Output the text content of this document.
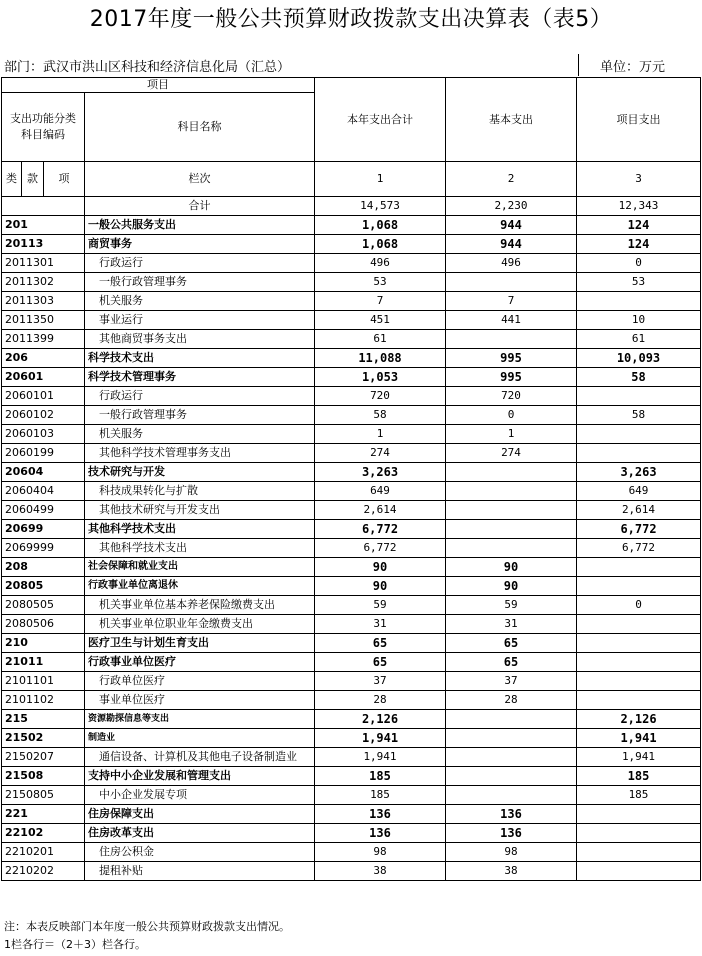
2017年度一般公共预算财政拨款支出决算表（表5）
部门：武汉市洪山区科技和经济信息化局（汇总）	单位：万元
项目				本年支出合计	基本支出	项目支出
支出功能分类科目编码			科目名称			
类	款	项				

			栏次	1	2	3
			合计	14,573	2,230	12,343
201			一般公共服务支出	1,068	944	124
20113			商贸事务	1,068	944	124
2011301			行政运行	496	496	0
2011302			一般行政管理事务	53		53
2011303			机关服务	7	7	
2011350			事业运行	451	441	10
2011399			其他商贸事务支出	61		61
206			科学技术支出	11,088	995	10,093
20601			科学技术管理事务	1,053	995	58
2060101			行政运行	720	720	
2060102			一般行政管理事务	58	0	58
2060103			机关服务	1	1	
2060199			其他科学技术管理事务支出	274	274	
20604			技术研究与开发	3,263		3,263
2060404			科技成果转化与扩散	649		649
2060499			其他技术研究与开发支出	2,614		2,614
20699			其他科学技术支出	6,772		6,772
2069999			其他科学技术支出	6,772		6,772
208			社会保障和就业支出	90	90	
20805			行政事业单位离退休	90	90	
2080505			机关事业单位基本养老保险缴费支出	59	59	0
2080506			机关事业单位职业年金缴费支出	31	31	
210			医疗卫生与计划生育支出	65	65	
21011			行政事业单位医疗	65	65	
2101101			行政单位医疗	37	37	
2101102			事业单位医疗	28	28	
215			资源勘探信息等支出	2,126		2,126
21502			制造业	1,941		1,941
2150207			通信设备、计算机及其他电子设备制造业	1,941		1,941
21508			支持中小企业发展和管理支出	185		185
2150805			中小企业发展专项	185		185
221			住房保障支出	136	136	
22102			住房改革支出	136	136	
2210201			住房公积金	98	98	
2210202			提租补贴	38	38	
注：本表反映部门本年度一般公共预算财政拨款支出情况。
1栏各行＝（2＋3）栏各行。
